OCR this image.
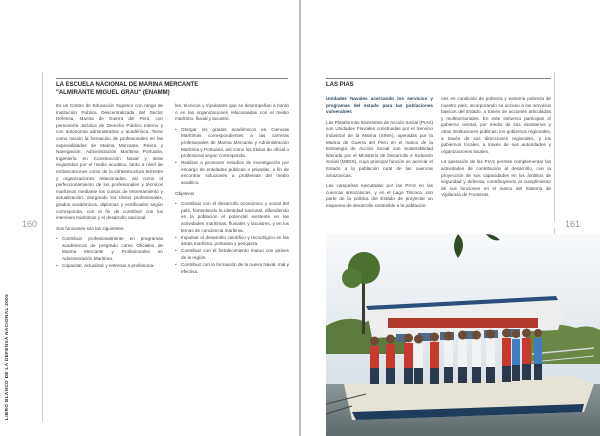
LIBRO BLANCO DE LA DEFENSA NACIONAL 2005
160
LA ESCUELA NACIONAL DE MARINA MERCANTE
"ALMIRANTE MIGUEL GRAU" (ENAMM)

Es un Centro de Educación Superior con rango de Institución Pública Descentralizada del Sector Defensa, Marina de Guerra del Perú, con personería Jurídica de Derecho Público Interno y con autonomía administrativa y académica. Tiene como misión la formación de profesionales en las especialidades de Marina Mercante, Pesca y Navegación, Administración Marítima Portuaria, Ingeniería en Construcción Naval y otras requeridas por el medio acuático, tanto a nivel de embarcaciones como de la infraestructura terrestre y organizaciones relacionadas, así como el perfeccionamiento de los profesionales y técnicos marítimos mediante los cursos de entrenamiento y actualización, otorgando los títulos profesionales, grados académicos, diplomas y certificados según corresponda, con el fin de contribuir con los intereses marítimos y el desarrollo nacional.

Sus funciones son las siguientes:

• Contribuir profesionalmente en programas académicos de pregrado como Oficiales de Marina Mercante y Profesionales en Administración Marítima.
• Capacitar, actualizar y entrenar a profesiona-

les, técnicos y tripulantes que se desempeñan a bordo o en las organizaciones relacionadas con el medio marítimo, fluvial y lacustre.

• Otorgar los grados académicos en Ciencias Marítimas correspondientes a las carreras profesionales de Marina Mercante y Administración Marítima y Portuaria, así como los títulos de oficial o profesional según corresponda.
• Realizar o promover estudios de investigación por encargo de entidades públicas o privadas, a fin de encontrar soluciones a problemas del medio acuático.

Objetivos

• Contribuir con el desarrollo económico y social del país, fomentando la identidad nacional, difundiendo en la población el potencial existente en las actividades marítimas, fluviales y lacustres, y en los temas de conciencia marítima.
• Impulsar el desarrollo científico y tecnológico en las áreas marítima, portuaria y pesquera.
• Contribuir con el fortalecimiento mutuo con países de la región.
• Contribuir con la formación de la nueva Naval, mal y efectiva.
161
LAS PIAS

Unidades Navales acercando los servicios y programas del estado para las poblaciones vulnerables

Las Plataformas Itinerantes de Acción Social (PIAS) son Unidades Fluviales construidas por el Servicio Industrial de la Marina (SIMA), operadas por la Marina de Guerra del Perú en el marco de la Estrategia de Acción Social con Sostenibilidad liderada por el Ministerio de Desarrollo e Inclusión Social (MIDIS), cuya principal función es acercar el Estado a la población rural de las cuencas amazónicas.

Las campañas ejecutadas por las PIAS en las cuencas amazónicas, y en el Lago Titicaca, son parte de la política del Estado de proyectar un esquema de desarrollo sostenible a la población-

nes en condición de pobreza y extrema pobreza de nuestro país, incorporando su acceso a los servicios básicos del Estado, a través de acciones articuladas y multisectoriales. En este esfuerzo participan el gobierno central, por medio de sus ministerios y otras instituciones públicas; los gobiernos regionales, a través de sus direcciones regionales, y los gobiernos locales, a través de sus autoridades y organizaciones locales.

La operación de las PIAS permite complementar las actividades de contribución al desarrollo, con la proyección de sus capacidades en los ámbitos de seguridad y defensa, contribuyendo al cumplimiento de sus funciones en el marco del Sistema de Vigilancia de Fronteras.
